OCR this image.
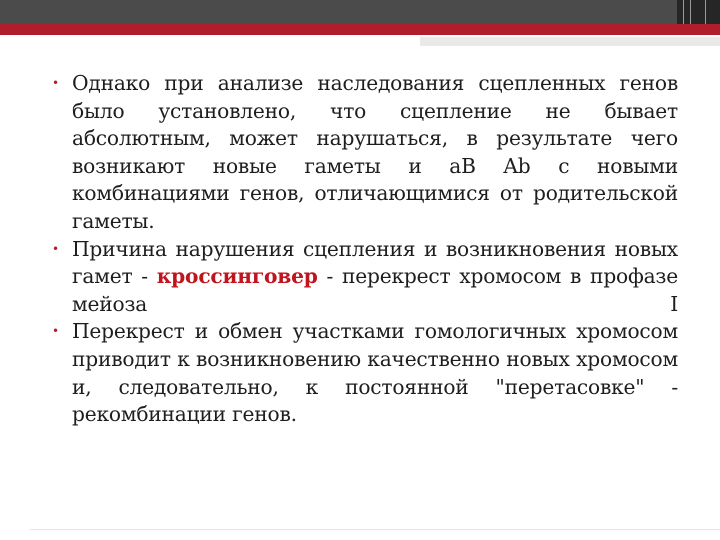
• Однако при анализе наследования сцепленных генов было установлено, что сцепление не бывает абсолютным, может нарушаться, в результате чего возникают новые гаметы и aB Ab с новыми комбинациями генов, отличающимися от родительской гаметы.
• Причина нарушения сцепления и возникновения новых гамет - кроссинговер - перекрест хромосом в профазе мейоза I
• Перекрест и обмен участками гомологичных хромосом приводит к возникновению качественно новых хромосом и, следовательно, к постоянной "перетасовке" - рекомбинации генов.
